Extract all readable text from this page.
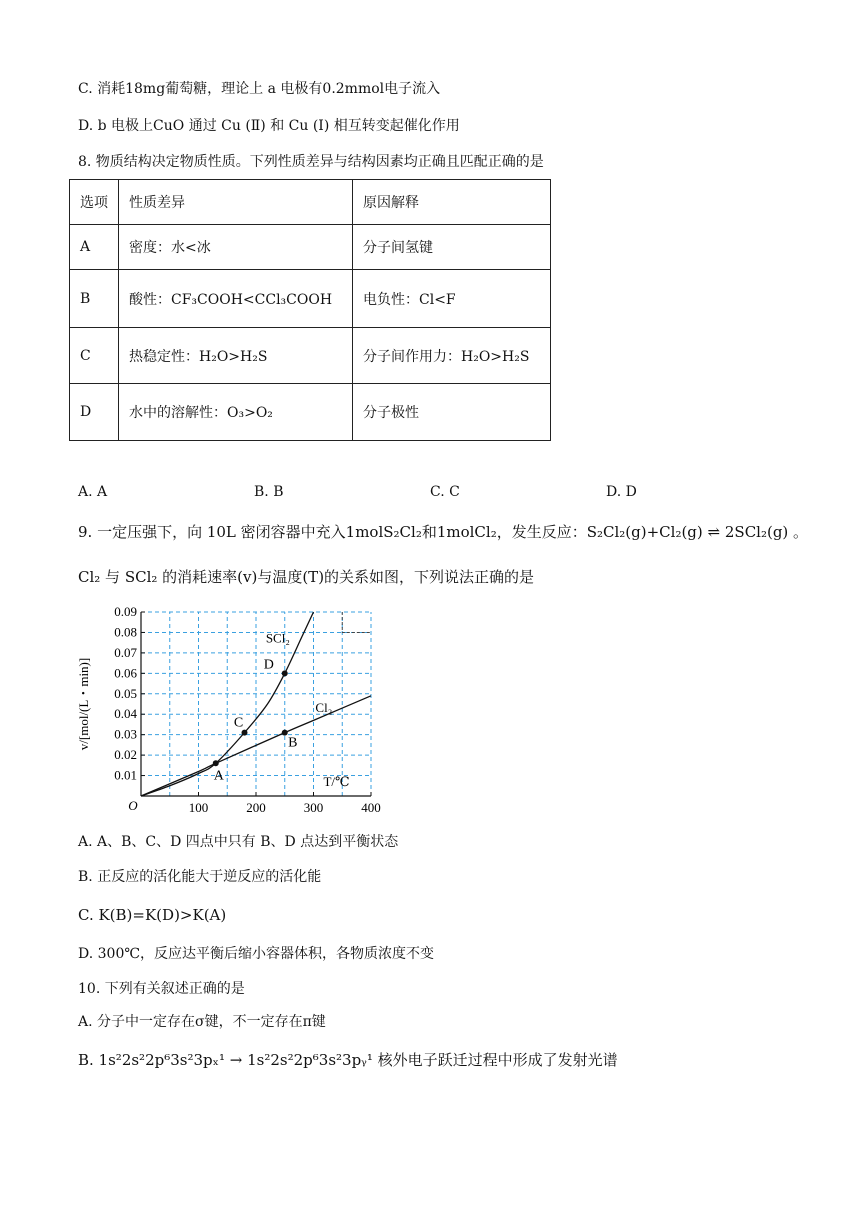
C. 消耗18mg葡萄糖，理论上 a 电极有0.2mmol电子流入
D. b 电极上CuO 通过 Cu (Ⅱ) 和 Cu (Ⅰ) 相互转变起催化作用
8. 物质结构决定物质性质。下列性质差异与结构因素均正确且匹配正确的是
选项	性质差异	原因解释
A	密度：水<冰	分子间氢键
B	酸性：CF₃COOH<CCl₃COOH	电负性：Cl<F
C	热稳定性：H₂O>H₂S	分子间作用力：H₂O>H₂S
D	水中的溶解性：O₃>O₂	分子极性
A. A	B. B	C. C	D. D
9. 一定压强下，向 10L 密闭容器中充入1molS₂Cl₂和1molCl₂，发生反应：S₂Cl₂(g)+Cl₂(g) ⇌ 2SCl₂(g) 。
Cl₂ 与 SCl₂ 的消耗速率(v)与温度(T)的关系如图，下列说法正确的是
0.01
0.02
0.03
0.04
0.05
0.06
0.07
0.08
0.09
100	200	300	400
O
T/℃
v/[mol/(L・min)]
SCl₂
Cl₂
A
B
C
D
A. A、B、C、D 四点中只有 B、D 点达到平衡状态
B. 正反应的活化能大于逆反应的活化能
C. K(B)=K(D)>K(A)
D. 300℃，反应达平衡后缩小容器体积，各物质浓度不变
10. 下列有关叙述正确的是
A. 分子中一定存在σ键，不一定存在π键
B. 1s²2s²2p⁶3s²3pₓ¹ → 1s²2s²2p⁶3s²3pᵧ¹ 核外电子跃迁过程中形成了发射光谱
